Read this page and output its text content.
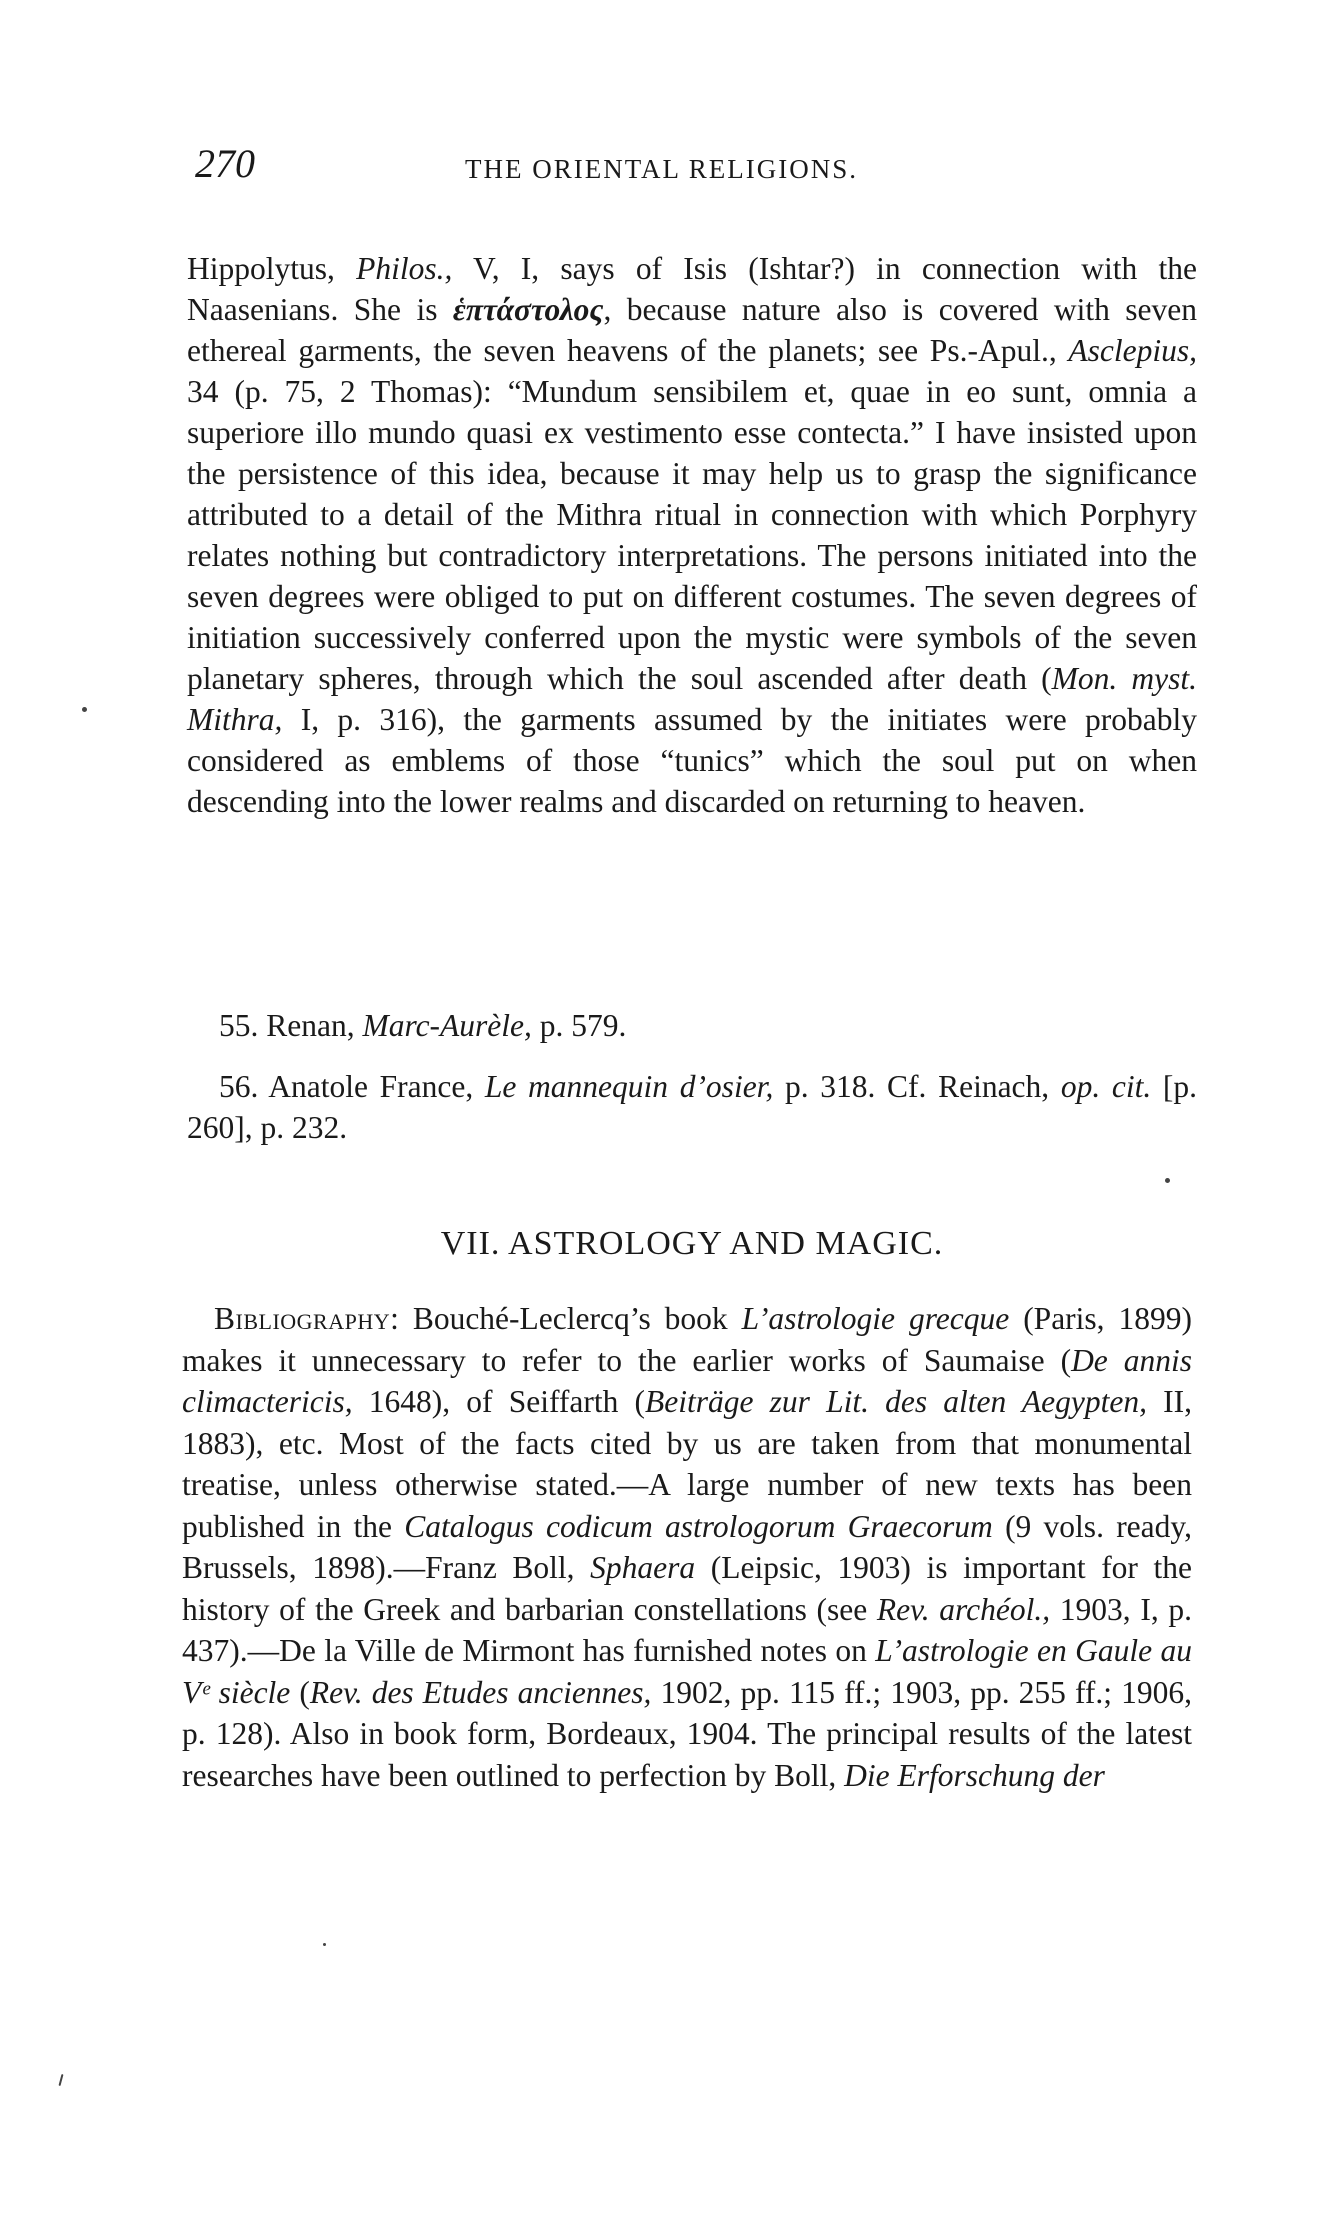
270	THE ORIENTAL RELIGIONS.

Hippolytus, Philos., V, I, says of Isis (Ishtar?) in connection with the Naasenians. She is ἑπτάστολος, because nature also is covered with seven ethereal garments, the seven heavens of the planets; see Ps.-Apul., Asclepius, 34 (p. 75, 2 Thomas): “Mundum sensibilem et, quae in eo sunt, omnia a superiore illo mundo quasi ex vestimento esse contecta.” I have insisted upon the persistence of this idea, because it may help us to grasp the significance attributed to a detail of the Mithra ritual in connection with which Porphyry relates nothing but contradictory interpretations. The persons initiated into the seven degrees were obliged to put on different costumes. The seven degrees of initiation successively conferred upon the mystic were symbols of the seven planetary spheres, through which the soul ascended after death (Mon. myst. Mithra, I, p. 316), the garments assumed by the initiates were probably considered as emblems of those “tunics” which the soul put on when descending into the lower realms and discarded on returning to heaven.

55. Renan, Marc-Aurèle, p. 579.

56. Anatole France, Le mannequin d’osier, p. 318. Cf. Reinach, op. cit. [p. 260], p. 232.

VII. ASTROLOGY AND MAGIC.

Bibliography: Bouché-Leclercq’s book L’astrologie grecque (Paris, 1899) makes it unnecessary to refer to the earlier works of Saumaise (De annis climactericis, 1648), of Seiffarth (Beiträge zur Lit. des alten Aegypten, II, 1883), etc. Most of the facts cited by us are taken from that monumental treatise, unless otherwise stated.—A large number of new texts has been published in the Catalogus codicum astrologorum Graecorum (9 vols. ready, Brussels, 1898).—Franz Boll, Sphaera (Leipsic, 1903) is important for the history of the Greek and barbarian constellations (see Rev. archéol., 1903, I, p. 437).—De la Ville de Mirmont has furnished notes on L’astrologie en Gaule au Vᵉ siècle (Rev. des Etudes anciennes, 1902, pp. 115 ff.; 1903, pp. 255 ff.; 1906, p. 128). Also in book form, Bordeaux, 1904. The principal results of the latest researches have been outlined to perfection by Boll, Die Erforschung der
